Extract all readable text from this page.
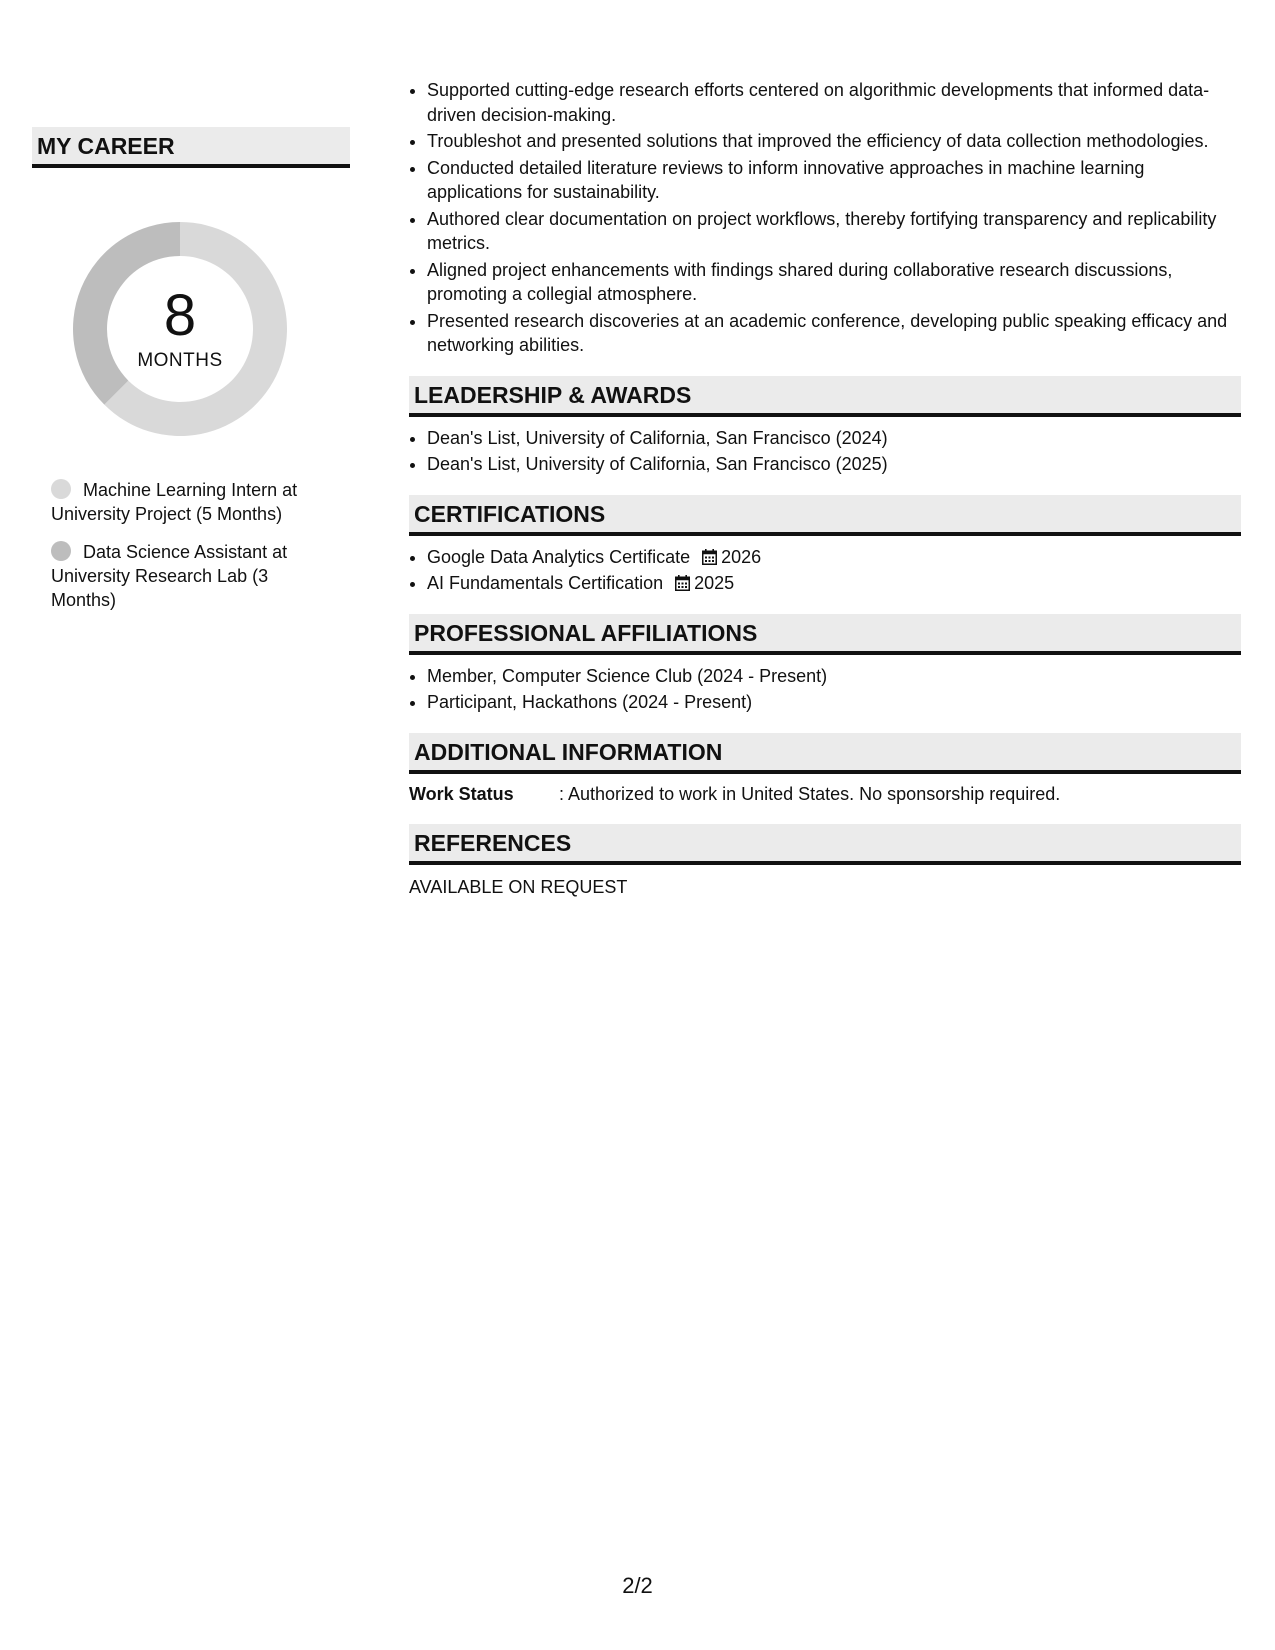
MY CAREER
8
MONTHS
Machine Learning Intern at University Project (5 Months)
Data Science Assistant at University Research Lab (3 Months)
• Supported cutting-edge research efforts centered on algorithmic developments that informed data-driven decision-making.
• Troubleshot and presented solutions that improved the efficiency of data collection methodologies.
• Conducted detailed literature reviews to inform innovative approaches in machine learning applications for sustainability.
• Authored clear documentation on project workflows, thereby fortifying transparency and replicability metrics.
• Aligned project enhancements with findings shared during collaborative research discussions, promoting a collegial atmosphere.
• Presented research discoveries at an academic conference, developing public speaking efficacy and networking abilities.
LEADERSHIP & AWARDS
• Dean's List, University of California, San Francisco (2024)
• Dean's List, University of California, San Francisco (2025)
CERTIFICATIONS
• Google Data Analytics Certificate 2026
• AI Fundamentals Certification 2025
PROFESSIONAL AFFILIATIONS
• Member, Computer Science Club (2024 - Present)
• Participant, Hackathons (2024 - Present)
ADDITIONAL INFORMATION
Work Status	: Authorized to work in United States. No sponsorship required.
REFERENCES
AVAILABLE ON REQUEST
2/2
